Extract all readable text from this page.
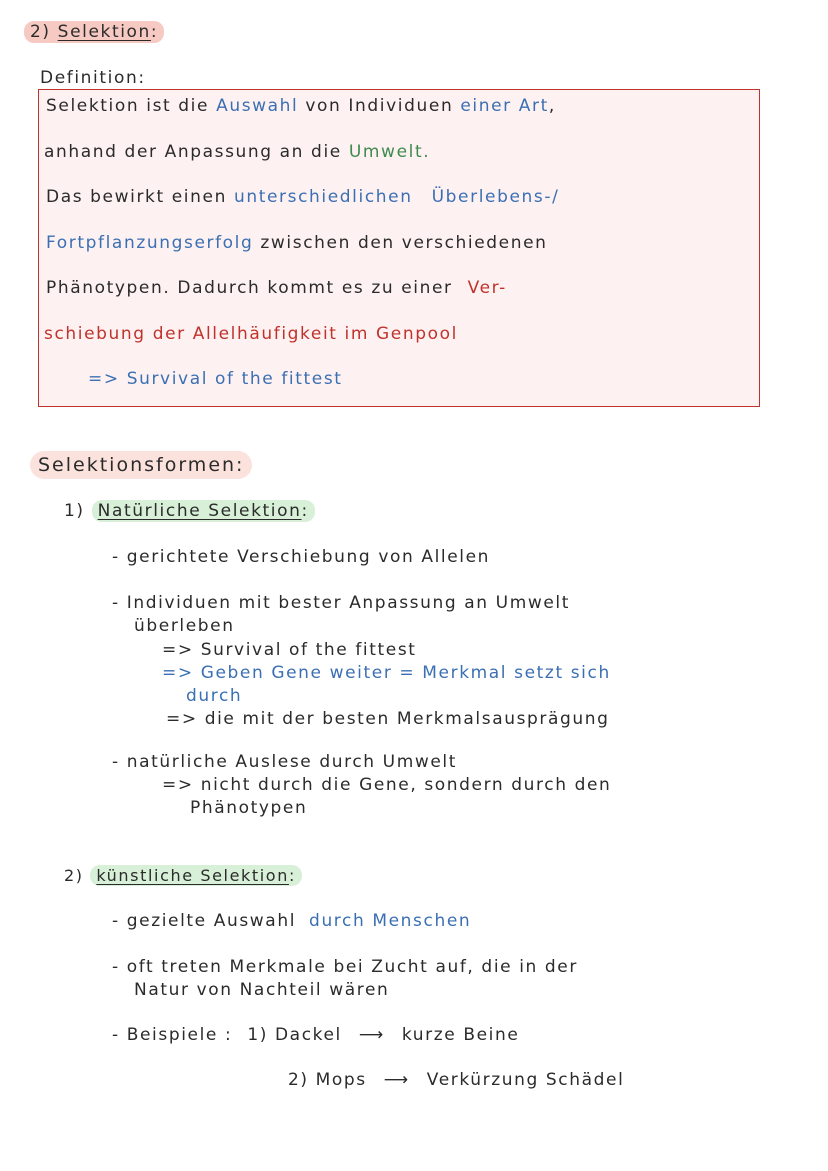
2) Selektion:
Definition:
Selektion ist die Auswahl von Individuen einer Art,
anhand der Anpassung an die Umwelt.
Das bewirkt einen unterschiedlichen Überlebens-/
Fortpflanzungserfolg zwischen den verschiedenen
Phänotypen. Dadurch kommt es zu einer Ver-
schiebung der Allelhäufigkeit im Genpool
=> Survival of the fittest
Selektionsformen:
1) Natürliche Selektion:
- gerichtete Verschiebung von Allelen
- Individuen mit bester Anpassung an Umwelt
überleben
=> Survival of the fittest
=> Geben Gene weiter = Merkmal setzt sich
durch
=> die mit der besten Merkmalsausprägung
- natürliche Auslese durch Umwelt
=> nicht durch die Gene, sondern durch den
Phänotypen
2) künstliche Selektion:
- gezielte Auswahl durch Menschen
- oft treten Merkmale bei Zucht auf, die in der
Natur von Nachteil wären
- Beispiele : 1) Dackel ⟶ kurze Beine
2) Mops ⟶ Verkürzung Schädel
